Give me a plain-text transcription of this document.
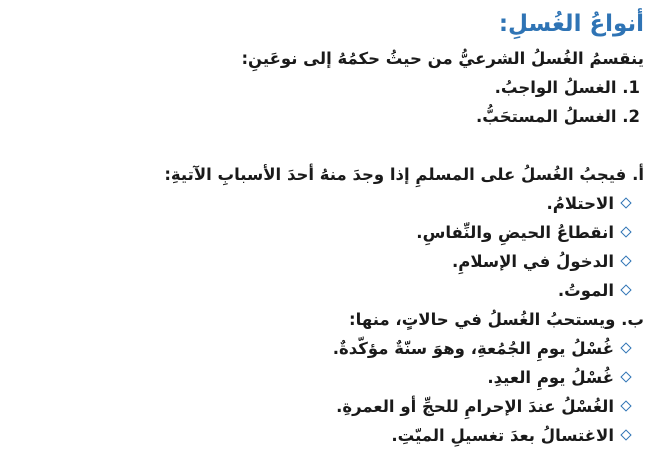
أنواعُ الغُسلِ:
ينقسمُ الغُسلُ الشرعيُّ من حيثُ حكمُهُ إلى نوعَينِ:
1. الغسلُ الواجبُ.
2. الغسلُ المستحَبُّ.
أ. فيجبُ الغُسلُ على المسلمِ إذا وجدَ منهُ أحدَ الأسبابِ الآتيةِ:
الاحتلامُ.
انقطاعُ الحيضِ والنِّفاسِ.
الدخولُ في الإسلامِ.
الموتُ.
ب. ويستحبُ الغُسلُ في حالاتٍ، منها:
غُسْلُ يومِ الجُمُعةِ، وهوَ سنّةٌ مؤكّدةٌ.
غُسْلُ يومِ العيدِ.
الغُسْلُ عندَ الإحرامِ للحجِّ أو العمرةِ.
الاغتسالُ بعدَ تغسيلِ الميّتِ.
